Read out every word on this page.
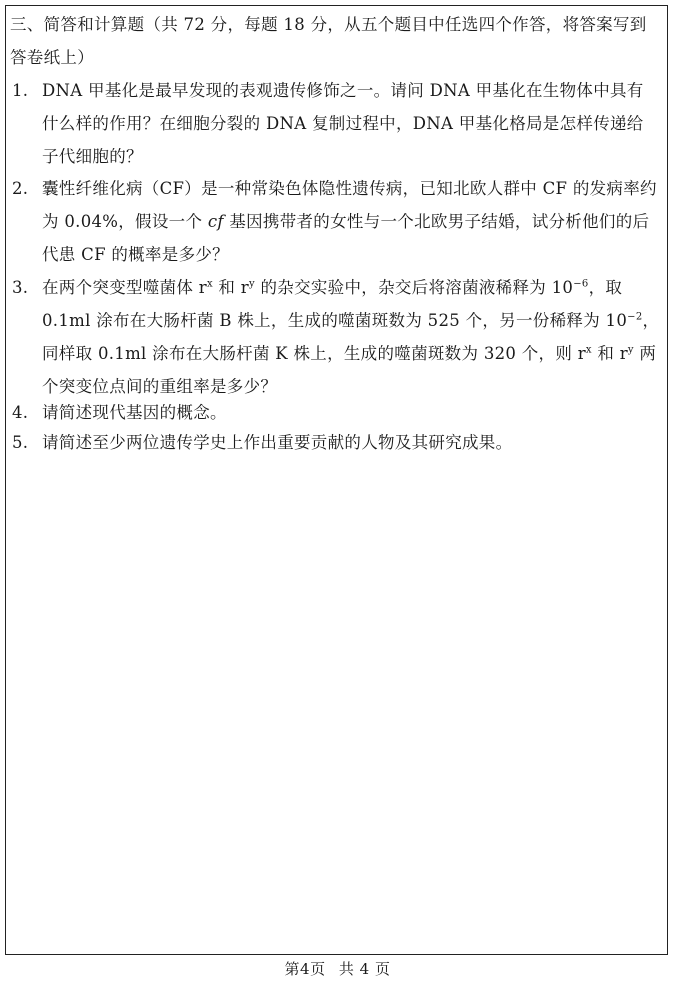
三、简答和计算题（共 72 分，每题 18 分，从五个题目中任选四个作答，将答案写到答卷纸上）

1. DNA 甲基化是最早发现的表观遗传修饰之一。请问 DNA 甲基化在生物体中具有什么样的作用？在细胞分裂的 DNA 复制过程中，DNA 甲基化格局是怎样传递给子代细胞的？
2. 囊性纤维化病（CF）是一种常染色体隐性遗传病，已知北欧人群中 CF 的发病率约为 0.04%，假设一个 cf 基因携带者的女性与一个北欧男子结婚，试分析他们的后代患 CF 的概率是多少？
3. 在两个突变型噬菌体 $r^x$ 和 $r^y$ 的杂交实验中，杂交后将溶菌液稀释为 $10^{-6}$，取 0.1ml 涂布在大肠杆菌 B 株上，生成的噬菌斑数为 525 个，另一份稀释为 $10^{-2}$，同样取 0.1ml 涂布在大肠杆菌 K 株上，生成的噬菌斑数为 320 个，则 $r^x$ 和 $r^y$ 两个突变位点间的重组率是多少？
4. 请简述现代基因的概念。
5. 请简述至少两位遗传学史上作出重要贡献的人物及其研究成果。
第4页 共 4 页
